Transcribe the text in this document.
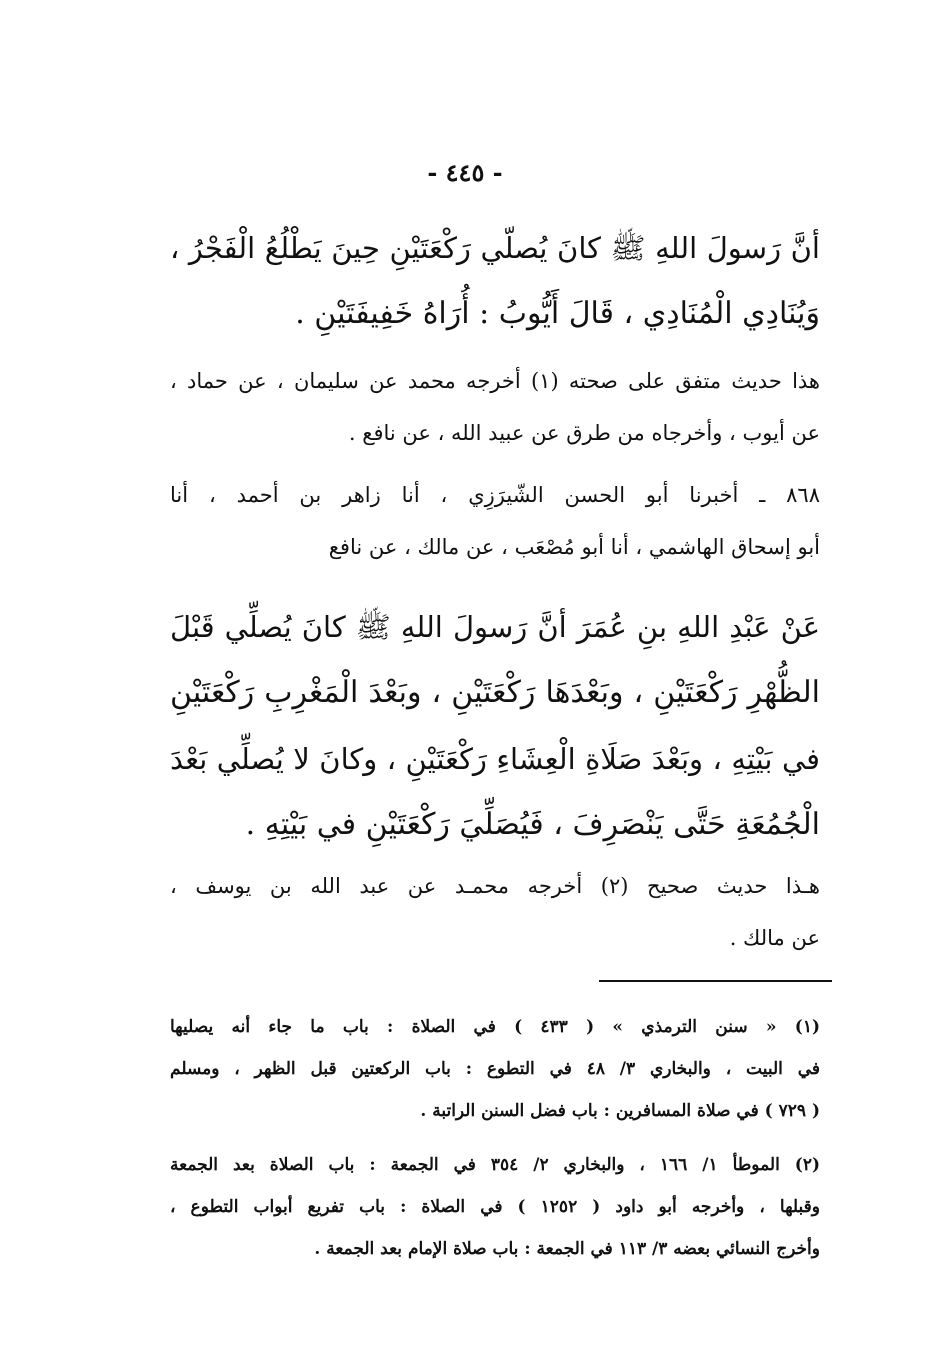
- ٤٤٥ -
أنَّ رَسولَ اللهِ ﷺ كانَ يُصلّي رَكْعَتَيْنِ حِينَ يَطْلُعُ الْفَجْرُ ،
وَيُنَادِي الْمُنَادِي ، قَالَ أَيُّوبُ : أُرَاهُ خَفِيفَتَيْنِ .
هذا حديث متفق على صحته (١) أخرجه محمد عن سليمان ، عن حماد ،
عن أيوب ، وأخرجاه من طرق عن عبيد الله ، عن نافع .
٨٦٨ ـ أخبرنا أبو الحسن الشّيرَزِي ، أنا زاهر بن أحمد ، أنا
أبو إسحاق الهاشمي ، أنا أبو مُصْعَب ، عن مالك ، عن نافع
عَنْ عَبْدِ اللهِ بنِ عُمَرَ أنَّ رَسولَ اللهِ ﷺ كانَ يُصلِّي قَبْلَ
الظُّهْرِ رَكْعَتَيْنِ ، وبَعْدَهَا رَكْعَتَيْنِ ، وبَعْدَ الْمَغْرِبِ رَكْعَتَيْنِ
في بَيْتِهِ ، وبَعْدَ صَلَاةِ الْعِشَاءِ رَكْعَتَيْنِ ، وكانَ لا يُصلِّي بَعْدَ
الْجُمُعَةِ حَتَّى يَنْصَرِفَ ، فَيُصَلِّيَ رَكْعَتَيْنِ في بَيْتِهِ .
هـذا حديث صحيح (٢) أخرجه محمـد عن عبد الله بن يوسف ،
عن مالك .
(١) « سنن الترمذي » ( ٤٣٣ ) في الصلاة : باب ما جاء أنه يصليها
في البيت ، والبخاري ٣/ ٤٨ في التطوع : باب الركعتين قبل الظهر ، ومسلم
( ٧٢٩ ) في صلاة المسافرين : باب فضل السنن الراتبة .
(٢) الموطأ ١/ ١٦٦ ، والبخاري ٢/ ٣٥٤ في الجمعة : باب الصلاة بعد الجمعة
وقبلها ، وأخرجه أبو داود ( ١٢٥٢ ) في الصلاة : باب تفريع أبواب التطوع ،
وأخرج النسائي بعضه ٣/ ١١٣ في الجمعة : باب صلاة الإمام بعد الجمعة .
